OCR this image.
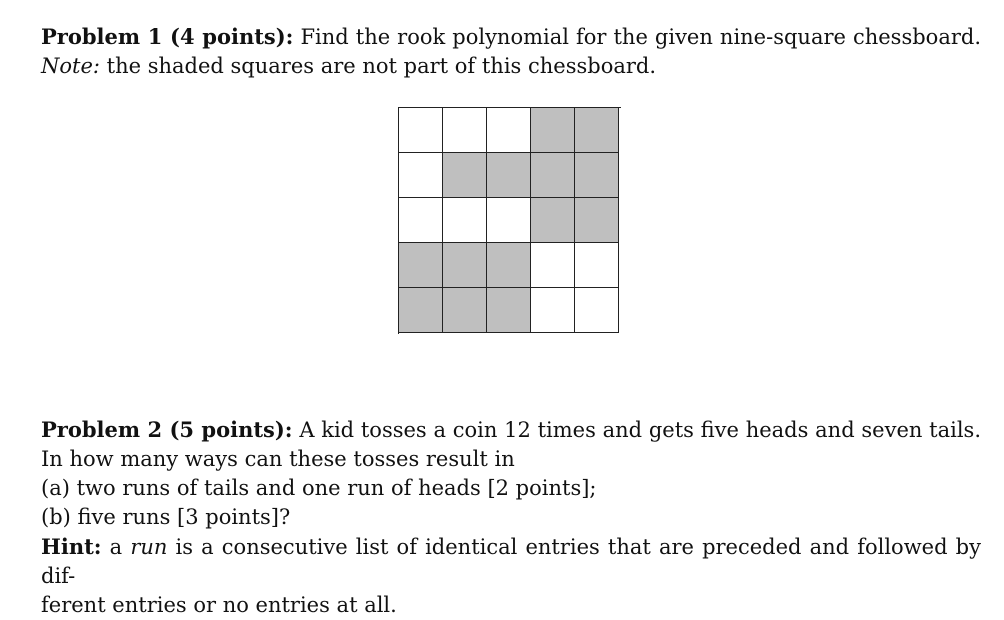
Problem 1 (4 points): Find the rook polynomial for the given nine-square chessboard.
Note: the shaded squares are not part of this chessboard.
Problem 2 (5 points): A kid tosses a coin 12 times and gets five heads and seven tails.
In how many ways can these tosses result in
(a) two runs of tails and one run of heads [2 points];
(b) five runs [3 points]?
Hint: a run is a consecutive list of identical entries that are preceded and followed by dif-
ferent entries or no entries at all.
